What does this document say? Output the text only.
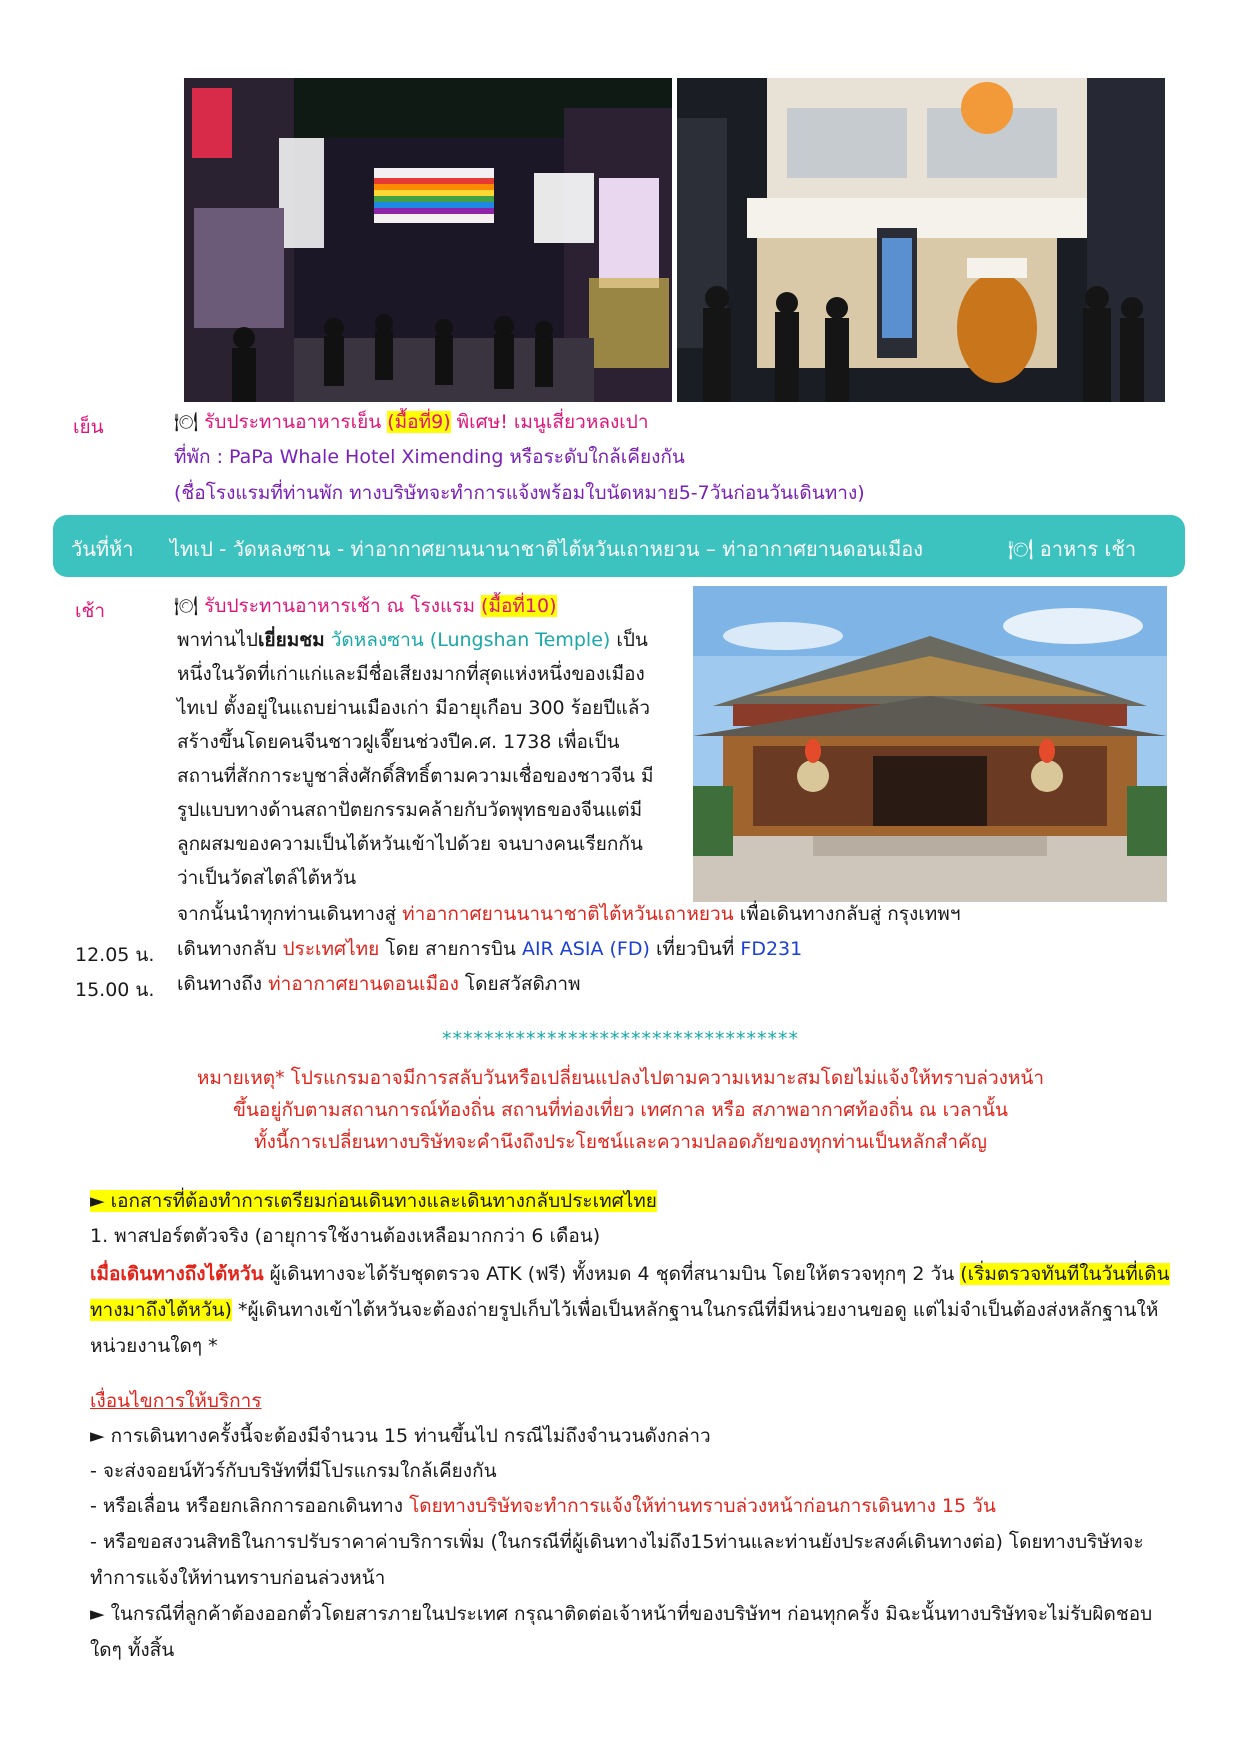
เย็น	🍽 รับประทานอาหารเย็น (มื้อที่9) พิเศษ! เมนูเสี่ยวหลงเปา
ที่พัก : PaPa Whale Hotel Ximending หรือระดับใกล้เคียงกัน
(ชื่อโรงแรมที่ท่านพัก ทางบริษัทจะทำการแจ้งพร้อมใบนัดหมาย5-7วันก่อนวันเดินทาง)
วันที่ห้า ไทเป - วัดหลงซาน - ท่าอากาศยานนานาชาติไต้หวันเถาหยวน – ท่าอากาศยานดอนเมือง	🍽 อาหาร เช้า
เช้า	🍽 รับประทานอาหารเช้า ณ โรงแรม (มื้อที่10)
พาท่านไปเยี่ยมชม วัดหลงซาน (Lungshan Temple) เป็น
หนึ่งในวัดที่เก่าแก่และมีชื่อเสียงมากที่สุดแห่งหนึ่งของเมือง
ไทเป ตั้งอยู่ในแถบย่านเมืองเก่า มีอายุเกือบ 300 ร้อยปีแล้ว
สร้างขึ้นโดยคนจีนชาวฝูเจี๊ยนช่วงปีค.ศ. 1738 เพื่อเป็น
สถานที่สักการะบูชาสิ่งศักดิ์สิทธิ์ตามความเชื่อของชาวจีน มี
รูปแบบทางด้านสถาปัตยกรรมคล้ายกับวัดพุทธของจีนแต่มี
ลูกผสมของความเป็นไต้หวันเข้าไปด้วย จนบางคนเรียกกัน
ว่าเป็นวัดสไตล์ไต้หวัน
จากนั้นนำทุกท่านเดินทางสู่ ท่าอากาศยานนานาชาติไต้หวันเถาหยวน เพื่อเดินทางกลับสู่ กรุงเทพฯ
12.05 น. เดินทางกลับ ประเทศไทย โดย สายการบิน AIR ASIA (FD) เที่ยวบินที่ FD231
15.00 น. เดินทางถึง ท่าอากาศยานดอนเมือง โดยสวัสดิภาพ
**********************************
หมายเหตุ* โปรแกรมอาจมีการสลับวันหรือเปลี่ยนแปลงไปตามความเหมาะสมโดยไม่แจ้งให้ทราบล่วงหน้า
ขึ้นอยู่กับตามสถานการณ์ท้องถิ่น สถานที่ท่องเที่ยว เทศกาล หรือ สภาพอากาศท้องถิ่น ณ เวลานั้น
ทั้งนี้การเปลี่ยนทางบริษัทจะคำนึงถึงประโยชน์และความปลอดภัยของทุกท่านเป็นหลักสำคัญ
► เอกสารที่ต้องทำการเตรียมก่อนเดินทางและเดินทางกลับประเทศไทย
1. พาสปอร์ตตัวจริง (อายุการใช้งานต้องเหลือมากกว่า 6 เดือน)
เมื่อเดินทางถึงไต้หวัน ผู้เดินทางจะได้รับชุดตรวจ ATK (ฟรี) ทั้งหมด 4 ชุดที่สนามบิน โดยให้ตรวจทุกๆ 2 วัน (เริ่มตรวจทันทีในวันที่เดินทางมาถึงไต้หวัน) *ผู้เดินทางเข้าไต้หวันจะต้องถ่ายรูปเก็บไว้เพื่อเป็นหลักฐานในกรณีที่มีหน่วยงานขอดู แต่ไม่จำเป็นต้องส่งหลักฐานให้หน่วยงานใดๆ *
เงื่อนไขการให้บริการ
► การเดินทางครั้งนี้จะต้องมีจำนวน 15 ท่านขึ้นไป กรณีไม่ถึงจำนวนดังกล่าว
- จะส่งจอยน์ทัวร์กับบริษัทที่มีโปรแกรมใกล้เคียงกัน
- หรือเลื่อน หรือยกเลิกการออกเดินทาง โดยทางบริษัทจะทำการแจ้งให้ท่านทราบล่วงหน้าก่อนการเดินทาง 15 วัน
- หรือขอสงวนสิทธิในการปรับราคาค่าบริการเพิ่ม (ในกรณีที่ผู้เดินทางไม่ถึง15ท่านและท่านยังประสงค์เดินทางต่อ) โดยทางบริษัทจะทำการแจ้งให้ท่านทราบก่อนล่วงหน้า
► ในกรณีที่ลูกค้าต้องออกตั๋วโดยสารภายในประเทศ กรุณาติดต่อเจ้าหน้าที่ของบริษัทฯ ก่อนทุกครั้ง มิฉะนั้นทางบริษัทจะไม่รับผิดชอบใดๆ ทั้งสิ้น
